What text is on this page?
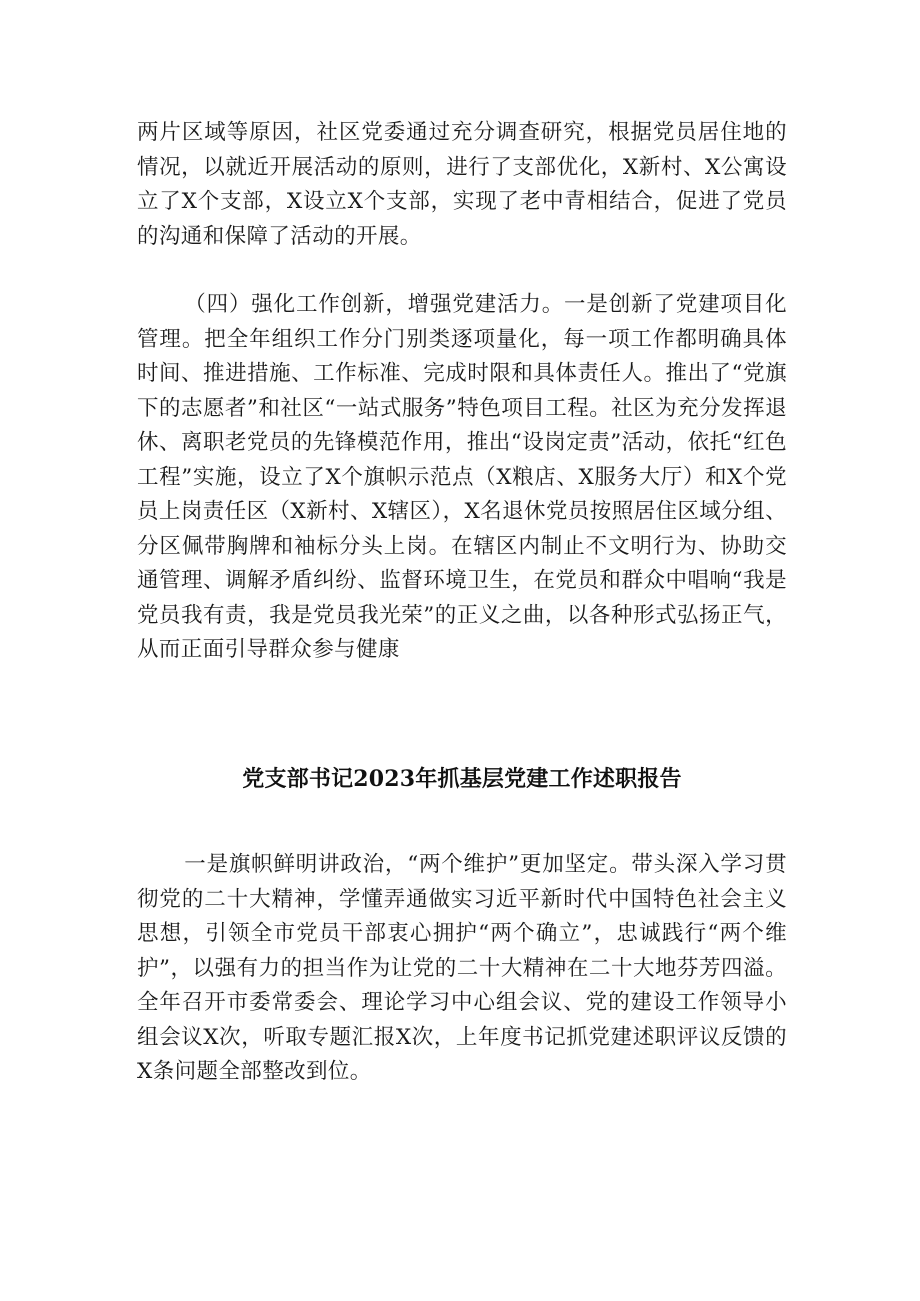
两片区域等原因，社区党委通过充分调查研究，根据党员居住地的情况，以就近开展活动的原则，进行了支部优化，X新村、X公寓设立了X个支部，X设立X个支部，实现了老中青相结合，促进了党员的沟通和保障了活动的开展。

（四）强化工作创新，增强党建活力。一是创新了党建项目化管理。把全年组织工作分门别类逐项量化，每一项工作都明确具体时间、推进措施、工作标准、完成时限和具体责任人。推出了“党旗下的志愿者”和社区“一站式服务”特色项目工程。社区为充分发挥退休、离职老党员的先锋模范作用，推出“设岗定责”活动，依托“红色工程”实施，设立了X个旗帜示范点（X粮店、X服务大厅）和X个党员上岗责任区（X新村、X辖区），X名退休党员按照居住区域分组、分区佩带胸牌和袖标分头上岗。在辖区内制止不文明行为、协助交通管理、调解矛盾纠纷、监督环境卫生，在党员和群众中唱响“我是党员我有责，我是党员我光荣”的正义之曲，以各种形式弘扬正气，从而正面引导群众参与健康

党支部书记2023年抓基层党建工作述职报告

一是旗帜鲜明讲政治，“两个维护”更加坚定。带头深入学习贯彻党的二十大精神，学懂弄通做实习近平新时代中国特色社会主义思想，引领全市党员干部衷心拥护“两个确立”，忠诚践行“两个维护”，以强有力的担当作为让党的二十大精神在二十大地芬芳四溢。全年召开市委常委会、理论学习中心组会议、党的建设工作领导小组会议X次，听取专题汇报X次，上年度书记抓党建述职评议反馈的X条问题全部整改到位。
